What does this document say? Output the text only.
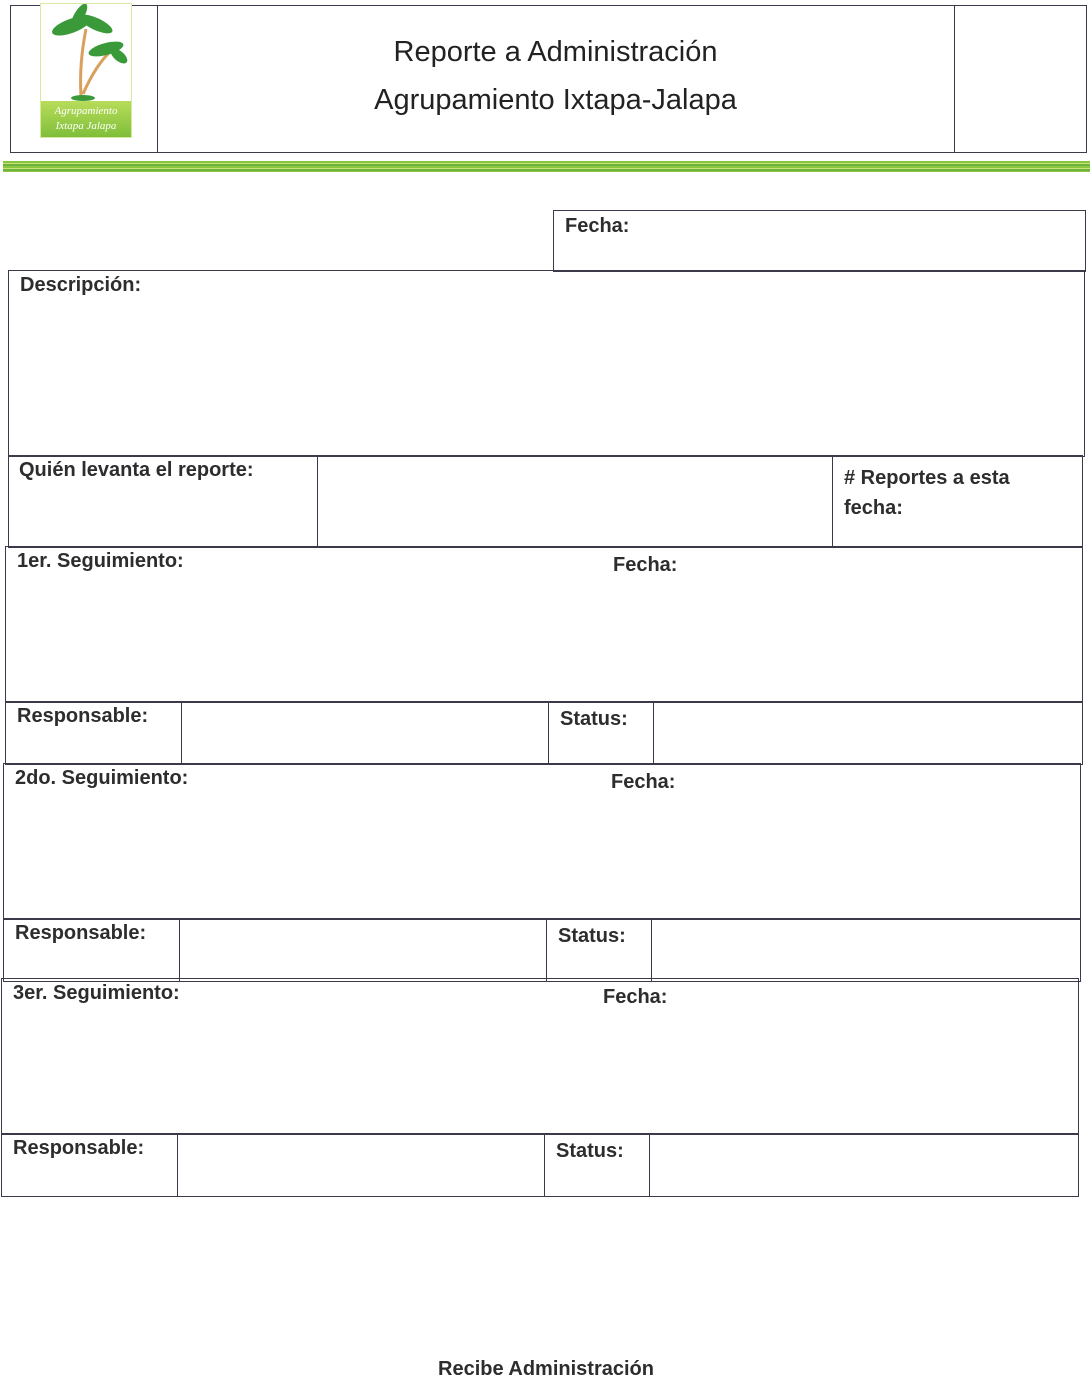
Agrupamiento
Ixtapa Jalapa
Reporte a Administración
Agrupamiento Ixtapa-Jalapa
Fecha:
Descripción:
Quién levanta el reporte:	# Reportes a esta fecha:
1er. Seguimiento:	Fecha:
Responsable:	Status:
2do. Seguimiento:	Fecha:
Responsable:	Status:
3er. Seguimiento:	Fecha:
Responsable:	Status:
Recibe Administración
